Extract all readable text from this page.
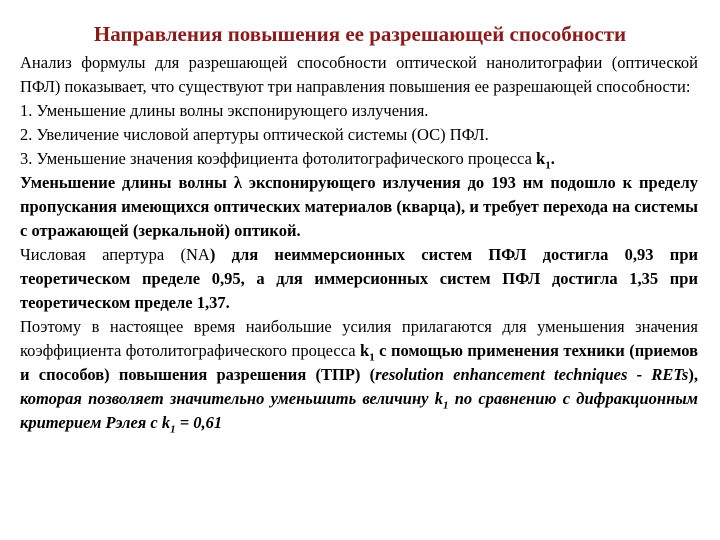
Направления повышения ее разрешающей способности

Анализ формулы для разрешающей способности оптической нанолитографии (оптической ПФЛ) показывает, что существуют три направления повышения ее разрешающей способности:

1. Уменьшение длины волны экспонирующего излучения.

2. Увеличение числовой апертуры оптической системы (ОС) ПФЛ.

3. Уменьшение значения коэффициента фотолитографического процесса $k_1$.

Уменьшение длины волны λ экспонирующего излучения до 193 нм подошло к пределу пропускания имеющихся оптических материалов (кварца), и требует перехода на системы с отражающей (зеркальной) оптикой.

Числовая апертура (NA) для неиммерсионных систем ПФЛ достигла 0,93 при теоретическом пределе 0,95, а для иммерсионных систем ПФЛ достигла 1,35 при теоретическом пределе 1,37.

Поэтому в настоящее время наибольшие усилия прилагаются для уменьшения значения коэффициента фотолитографического процесса $k_1$ с помощью применения техники (приемов и способов) повышения разрешения (ТПР) (resolution enhancement techniques - RETs), которая позволяет значительно уменьшить величину $k_1$ по сравнению с дифракционным критерием Рэлея с $k_1 = 0,61$
